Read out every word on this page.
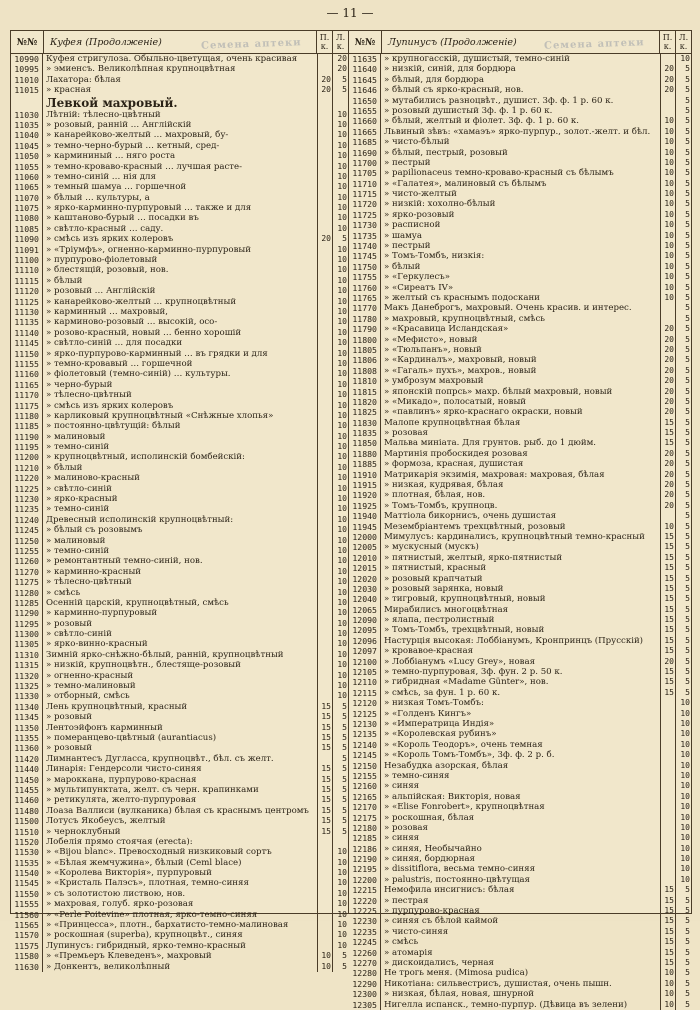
— 11 —
№№	Куфея (Продолженіе)	П.
к.
Л.
к.
10990 Куфея стригулоза. Обыльно-цветущая, очень красивая	20
10995 » эмиенсъ. Великолѣпная крупноцвѣтная	20
11010 Лахатора: бѣлая	20	5
11015 » красная	20	5
Левкой махровый.
11030 Лѣтній: тѣлесно-цвѣтный	10
11035 » розовый, ранній … Англійскій	10
11040 » канарейково-желтый … махровый, бу-	10
11045 » темно-черно-бурый … кетный, сред-	10
11050 » кармининый … няго роста	10
11055 » темно-кроваво-красный … лучшая расте-	10
11060 » темно-синій … нія для	10
11065 » темный шамуа … горшечной	10
11070 » бѣлый … культуры, а	10
11075 » ярко-карминно-пурпуровый … также и для	10
11080 » каштаново-бурый … посадки въ	10
11085 » свѣтло-красный … саду.	10
11090 » смѣсь изъ ярких колеровъ	20	5
11091 » «Тріумфъ», огненно-карминно-пурпуровый	10
11100 » пурпурово-фіолетовый	10
11110 » блестящій, розовый, нов.	10
11115 » бѣлый	10
11120 » розовый … Англійскій	10
11125 » канарейково-желтый … крупноцвѣтный	10
11130 » карминный … махровый,	10
11135 » карминово-розовый … высокій, осо-	10
11140 » розово-красный, новый … бенно хорошій	10
11145 » свѣтло-синій … для посадки	10
11150 » ярко-пурпурово-карминный … въ грядки и для	10
11155 » темно-кровавый … горшечной	10
11160 » фіолетовый (темно-синій) … культуры.	10
11165 » черно-бурый	10
11170 » тѣлесно-цвѣтный	10
11175 » смѣсь изъ ярких колеровъ	10
11180 » карликовый крупноцвѣтный «Снѣжные хлопья»	10
11185 » постоянно-цвѣтущій: бѣлый	10
11190 » малиновый	10
11195 » темно-синій	10
11200 » крупноцвѣтный, исполинскій бомбейскій:	10
11210 » бѣлый	10
11220 » малиново-красный	10
11225 » свѣтло-синій	10
11230 » ярко-красный	10
11235 » темно-синій	10
11240 Древесный исполинскій крупноцвѣтный:	10
11245 » бѣлый съ розовымъ	10
11250 » малиновый	10
11255 » темно-синій	10
11260 » ремонтантный темно-синій, нов.	10
11270 » карминно-красный	10
11275 » тѣлесно-цвѣтный	10
11280 » смѣсь	10
11285 Осенній царскій, крупноцвѣтный, смѣсь	10
11290 » карминно-пурпуровый	10
11295 » розовый	10
11300 » свѣтло-синій	10
11305 » ярко-винно-красный	10
11310 Зимній ярко-снѣжно-бѣлый, ранній, крупноцвѣтный	10
11315 » низкій, крупноцвѣтн., блестяще-розовый	10
11320 » огненно-красный	10
11325 » темно-малиновый	10
11330 » отборный, смѣсь	10
11340 Лень крупноцвѣтный, красный	15	5
11345 » розовый	15	5
11350 Лентоэйфонъ карминный	15	5
11355 » померанцево-цвѣтный (aurantiacus)	15	5
11360 » розовый	15	5
11420 Лимнантесъ Дугласса, крупноцвѣт., бѣл. съ желт.	5
11440 Линарія: Гендерсоли чисто-синяя	15	5
11450 » мароккана, пурпурово-красная	15	5
11455 » мультипунктата, желт. съ черн. крапинками	15	5
11460 » ретикулята, желто-пурпуровая	15	5
11480 Лоаза Валлиси (вулканика) бѣлая съ краснымъ центромъ	15	5
11500 Лотусъ Якобеусъ, желтый	15	5
11510 » черноклубный	15	5
11520 Лобелія прямо стоячая (erecta):
11530 » «Bijou blanc». Превосходный низкиковый сортъ	10
11535 » «Бѣлая жемчужина», бѣлый (Ceml blace)	10
11540 » «Королева Викторія», пурпуровый	10
11545 » «Кристаль Палэсъ», плотная, темно-синяя	10
11550 » съ золотистою листвою, нов.	10
11555 » махровая, голуб. ярко-розовая	10
11560 » «Perle Poitevine» плотная, ярко-темно-синяя	10
11565 » «Принцесса», плотн., бархатисто-темно-малиновая	10
11570 » роскошная (superba), крупноцвѣт., синяя	10
11575 Лупинусъ: гибридный, ярко-темно-красный	10
11580 » «Премьеръ Клеведенъ», махровый	10	5
11630 » Донкентъ, великолѣпный	10	5
Семена аптеки	№№	Лупинусъ (Продолженіе)	П.
к.
Л.
к.
11635 » крупногасскій, душистый, темно-синій	10
11640 » низкій, синій, для бордюра	20	5
11645 » бѣлый, для бордюра	20	5
11646 » бѣлый съ ярко-красный, нов.	20	5
11650 » мутабилисъ разноцвѣт., душист. 3ф. ф. 1 р. 60 к.	5
11655 » розовый душистый 3ф. ф. 1 р. 60 к.	5
11660 » бѣлый, желтый и фіолет. 3ф. ф. 1 р. 60 к.	10	5
11665 Львиный зѣвъ: «хамаэъ» ярко-пурпур., золот.-желт. и бѣл.	10	5
11685 » чисто-бѣлый	10	5
11690 » бѣлый, пестрый, розовый	10	5
11700 » пестрый	10	5
11705 » papilionaceus темно-кроваво-красный съ бѣлымъ	10	5
11710 » «Галатея», малиновый съ бѣлымъ	10	5
11715 » чисто-желтый	10	5
11720 » низкій: хохолно-бѣлый	10	5
11725 » ярко-розовый	10	5
11730 » расписной	10	5
11735 » шамуа	10	5
11740 » пестрый	10	5
11745 » Томъ-Томбъ, низкія:	10	5
11750 » бѣлый	10	5
11755 » «Геркулесъ»	10	5
11760 » «Сиреатъ IV»	10	5
11765 » желтый съ краснымъ подоскани	10	5
11770 Макъ Данеброгъ, махровый. Очень красив. и интерес.	5
11780 » махровый, крупноцвѣтный, смѣсь	5
11790 » «Красавица Исландская»	20	5
11800 » «Мефисто», новый	20	5
11805 » «Тюльпанъ», новый	20	5
11806 » «Кардиналъ», махровый, новый	20	5
11808 » «Гагаль» пухъ», махров., новый	20	5
11810 » умброзум махровый	20	5
11815 » японскій попрсь» махр. бѣлый махровый, новый	20	5
11820 » «Микадо», полосатый, новый	20	5
11825 » «павлинъ» ярко-краснаго окраски, новый	20	5
11830 Малопе крупноцвѣтная бѣлая	15	5
11835 » розовая	15	5
11850 Мальва миніата. Для грунтов. рыб. до 1 дюйм.	15	5
11880 Мартинія пробоскидея розовая	20	5
11885 » формоза, красная, душистая	20	5
11910 Матрикарія экзимія, махровая: махровая, бѣлая	20	5
11915 » низкая, кудрявая, бѣлая	20	5
11920 » плотная, бѣлая, нов.	20	5
11925 » Томъ-Томбъ, крупноцв.	20	5
11940 Маттіола бикорнисъ, очень душистая	5
11945 Мезембріантемъ трехцвѣтный, розовый	10	5
12000 Мимулусъ: кардиналисъ, крупноцвѣтный темно-красный	15	5
12005 » мускусный (мускъ)	15	5
12010 » пятнистый, желтый, ярко-пятнистый	15	5
12015 » пятнистый, красный	15	5
12020 » розовый крапчатый	15	5
12030 » розовый зарянка, новый	15	5
12040 » тигровый, крупноцвѣтный, новый	15	5
12065 Мирабилисъ многоцвѣтная	15	5
12090 » ялапа, пестролистный	15	5
12095 » Томъ-Томбъ, трехцвѣтный, новый	15	5
12096 Настурція высокая: Лоббіанумъ, Кронпринцъ (Прусскій)	15	5
12097 » кровавое-красная	15	5
12100 » Лоббіанумъ «Lucy Grey», новая	20	5
12105 » темно-пурпуровая, 3ф. фун. 2 р. 50 к.	15	5
12110 » гибридная «Madame Günter», нов.	15	5
12115 » смѣсь, за фун. 1 р. 60 к.	15	5
12120 » низкая Томъ-Томбъ:	10
12125 » «Голденъ Кингъ»	10
12130 » «Императрица Индія»	10
12135 » «Королевская рубинъ»	10
12140 » «Король Теодоръ», очень темная	10
12145 » «Король Томъ-Томбъ», 3ф. ф. 2 р. б.	10
12150 Незабудка азорская, бѣлая	10
12155 » темно-синяя	10
12160 » синяя	10
12165 » альпійская: Викторія, новая	10
12170 » «Elise Fonrobert», крупноцвѣтная	10
12175 » роскошная, бѣлая	10
12180 » розовая	10
12185 » синяя	10
12186 » синяя, Необычайно	10
12190 » синяя, бордюрная	10
12195 » dissitiflora, весьма темно-синяя	10
12200 » palustris, постоянно-цвѣтущая	10
12215 Немофила инсигнисъ: бѣлая	15	5
12220 » пестрая	15	5
12225 » пурпурово-красная	15	5
12230 » синяя съ бѣлой каймой	15	5
12235 » чисто-синяя	15	5
12245 » смѣсь	15	5
12260 » атомарія	15	5
12270 » дискоидалисъ, черная	15	5
12280 Не трогь меня. (Mimosa pudica)	10	5
12290 Никотіана: сильвестрисъ, душистая, очень пышн.	10	5
12300 » низкая, бѣлая, новая, шнурной	10	5
12305 Нигелла испанск., темно-пурпур. (Дѣвица въ зелени)	10	5
Семена аптеки
